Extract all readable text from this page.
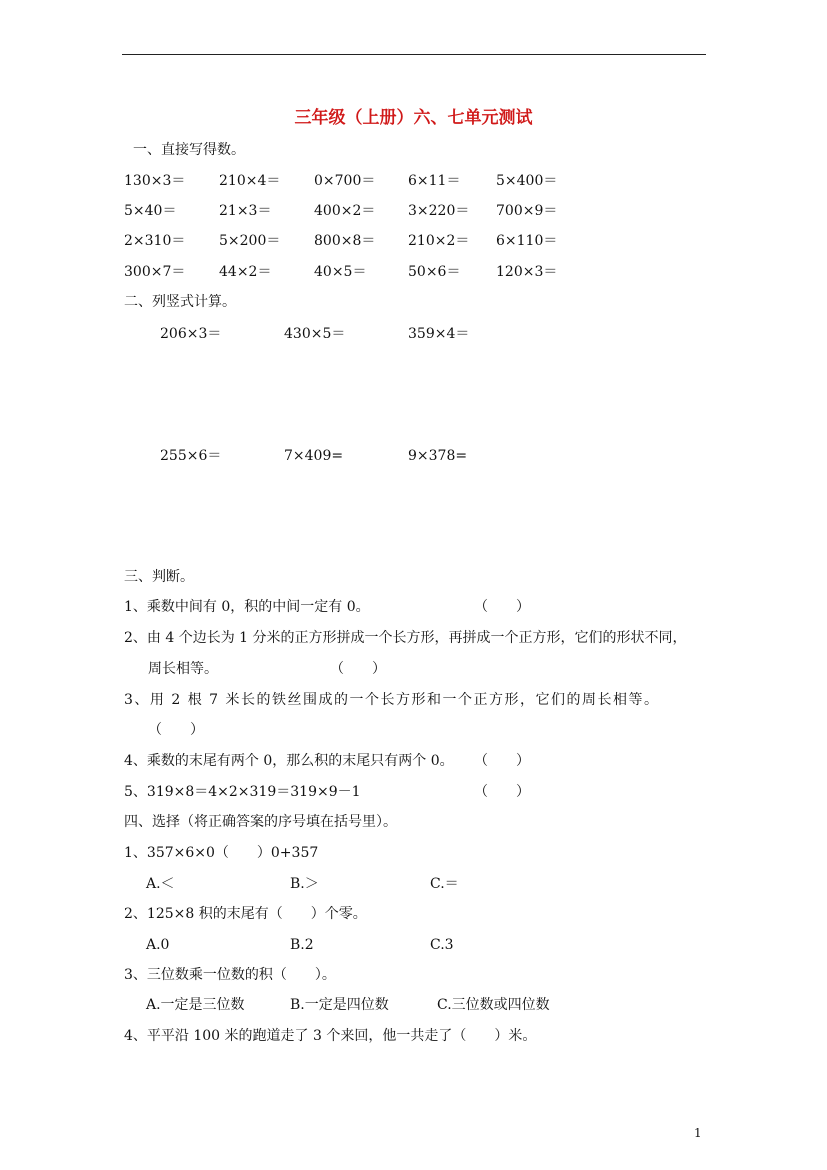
三年级（上册）六、七单元测试
一、直接写得数。
130×3＝ 210×4＝ 0×700＝ 6×11＝	5×400＝
5×40＝	21×3＝	400×2＝ 3×220＝ 700×9＝
2×310＝ 5×200＝ 800×8＝ 210×2＝ 6×110＝
300×7＝ 44×2＝	40×5＝	50×6＝	120×3＝
二、列竖式计算。
206×3＝	430×5＝	359×4＝
255×6＝	7×409=	9×378=
三、判断。
1、乘数中间有 0，积的中间一定有 0。	（　　）
2、由 4 个边长为 1 分米的正方形拼成一个长方形，再拼成一个正方形，它们的形状不同，
周长相等。	（　　）
3、用 2 根 7 米长的铁丝围成的一个长方形和一个正方形，它们的周长相等。
（　　）
4、乘数的末尾有两个 0，那么积的末尾只有两个 0。 （　　）
5、319×8＝4×2×319＝319×9－1	（　　）
四、选择（将正确答案的序号填在括号里）。
1、357×6×0（　　）0+357
A.＜	B.＞	C.＝
2、125×8 积的末尾有（　　）个零。
A.0	B.2	C.3
3、三位数乘一位数的积（　　）。
A.一定是三位数	B.一定是四位数	C.三位数或四位数
4、平平沿 100 米的跑道走了 3 个来回，他一共走了（　　）米。
1
